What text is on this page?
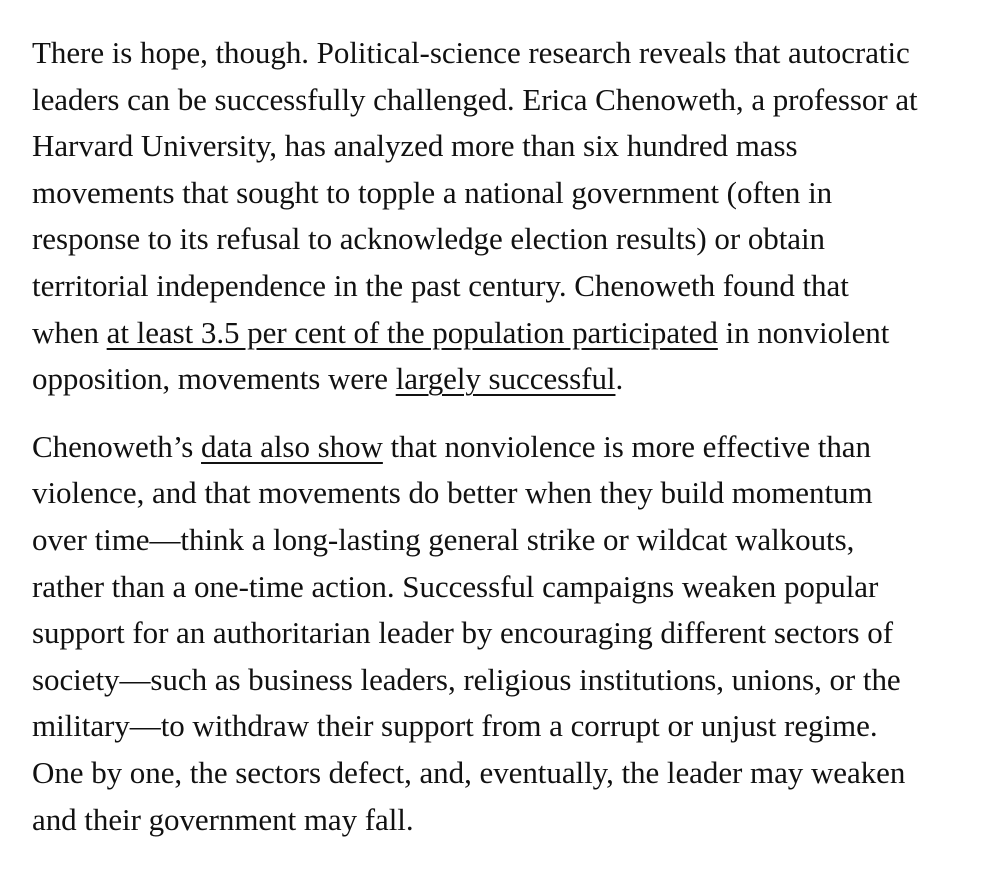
There is hope, though. Political-science research reveals that autocratic
leaders can be successfully challenged. Erica Chenoweth, a professor at
Harvard University, has analyzed more than six hundred mass
movements that sought to topple a national government (often in
response to its refusal to acknowledge election results) or obtain
territorial independence in the past century. Chenoweth found that
when at least 3.5 per cent of the population participated in nonviolent
opposition, movements were largely successful.

Chenoweth’s data also show that nonviolence is more effective than
violence, and that movements do better when they build momentum
over time—think a long-lasting general strike or wildcat walkouts,
rather than a one-time action. Successful campaigns weaken popular
support for an authoritarian leader by encouraging different sectors of
society—such as business leaders, religious institutions, unions, or the
military—to withdraw their support from a corrupt or unjust regime.
One by one, the sectors defect, and, eventually, the leader may weaken
and their government may fall.
